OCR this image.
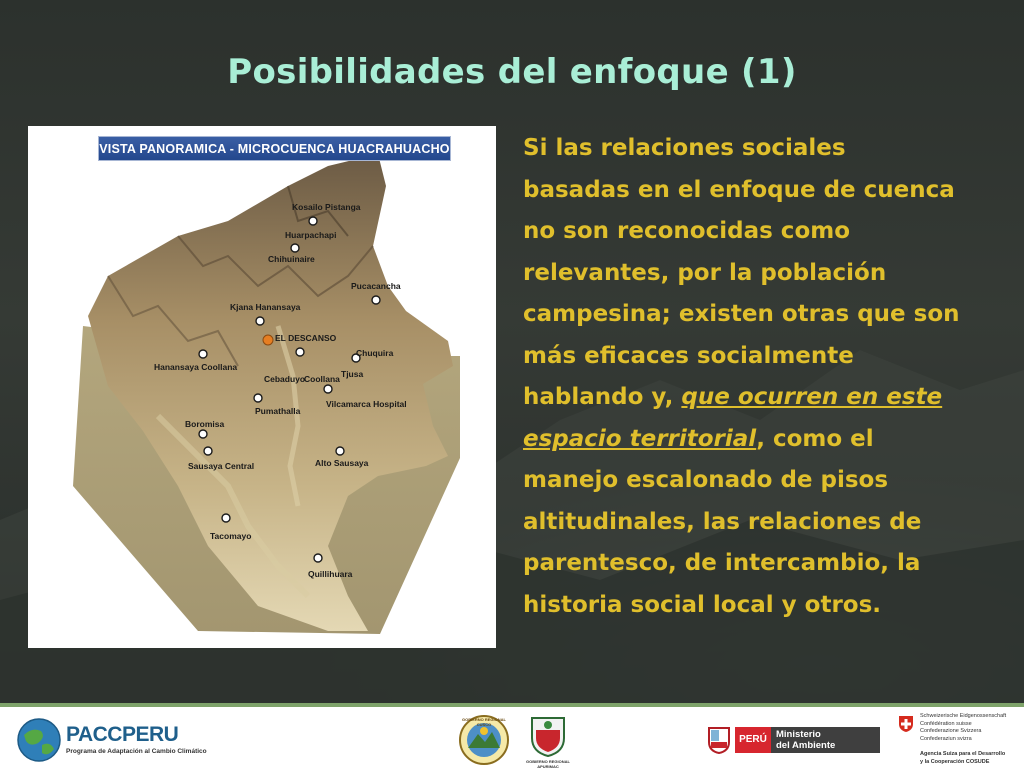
Posibilidades del enfoque (1)
VISTA PANORAMICA - MICROCUENCA HUACRAHUACHO
Kosailo Pistanga
Huarpachapi
Chihuinaire
Pucacancha
Kjana Hanansaya
EL DESCANSO
Chuquira
Hanansaya Coollana
Cebaduyo
Coollana Tjusa
Pumathalla
Vilcamarca Hospital
Boromisa
Sausaya Central	Alto Sausaya
Tacomayo
Quillihuara
Si las relaciones sociales
basadas en el enfoque de cuenca
no son reconocidas como
relevantes, por la población
campesina; existen otras que son
más eficaces socialmente
hablando y, que ocurren en este
espacio territorial, como el
manejo escalonado de pisos
altitudinales, las relaciones de
parentesco, de intercambio, la
historia social local y otros.
PACCPERU
Programa de Adaptación al Cambio Climático
GOBIERNO REGIONAL CUSCO
GOBIERNO REGIONAL APURIMAC
PERÚ Ministerio
del Ambiente
Schweizerische Eidgenossenschaft
Confédération suisse
Confederazione Svizzera
Confederaziun svizra
Agencia Suiza para el Desarrollo
y la Cooperación COSUDE
